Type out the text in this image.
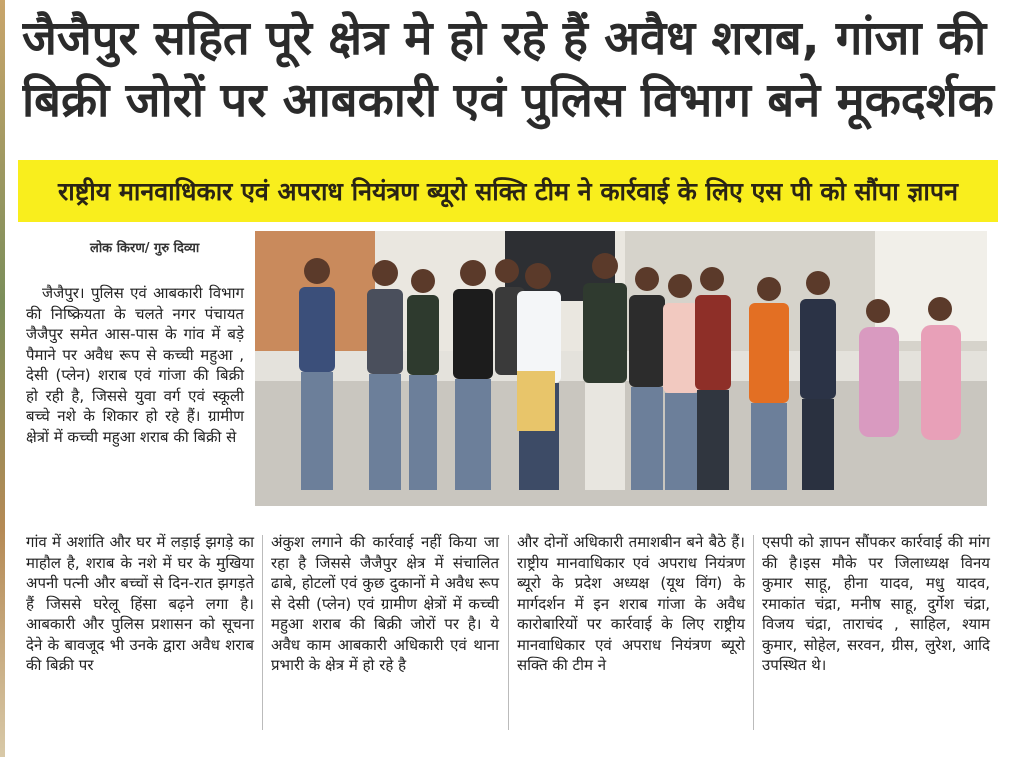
जैजैपुर सहित पूरे क्षेत्र मे हो रहे हैं अवैध शराब, गांजा की
बिक्री जोरों पर आबकारी एवं पुलिस विभाग बने मूकदर्शक
राष्ट्रीय मानवाधिकार एवं अपराध नियंत्रण ब्यूरो सक्ति टीम ने कार्रवाई के लिए एस पी को सौंपा ज्ञापन
लोक किरण/ गुरु दिव्या

जैजैपुर। पुलिस एवं आबकारी विभाग की निष्क्रियता के चलते नगर पंचायत जैजैपुर समेत आस-पास के गांव में बड़े पैमाने पर अवैध रूप से कच्ची महुआ , देसी (प्लेन) शराब एवं गांजा की बिक्री हो रही है, जिससे युवा वर्ग एवं स्कूली बच्चे नशे के शिकार हो रहे हैं। ग्रामीण क्षेत्रों में कच्ची महुआ शराब की बिक्री से

गांव में अशांति और घर में लड़ाई झगड़े का माहौल है, शराब के नशे में घर के मुखिया अपनी पत्नी और बच्चों से दिन-रात झगड़ते हैं जिससे घरेलू हिंसा बढ़ने लगा है। आबकारी और पुलिस प्रशासन को सूचना देने के बावजूद भी उनके द्वारा अवैध शराब की बिक्री पर
अंकुश लगाने की कार्रवाई नहीं किया जा रहा है जिससे जैजैपुर क्षेत्र में संचालित ढाबे, होटलों एवं कुछ दुकानों मे अवैध रूप से देसी (प्लेन) एवं ग्रामीण क्षेत्रों में कच्ची महुआ शराब की बिक्री जोरों पर है। ये अवैध काम आबकारी अधिकारी एवं थाना प्रभारी के क्षेत्र में हो रहे है
और दोनों अधिकारी तमाशबीन बने बैठे हैं। राष्ट्रीय मानवाधिकार एवं अपराध नियंत्रण ब्यूरो के प्रदेश अध्यक्ष (यूथ विंग) के मार्गदर्शन में इन शराब गांजा के अवैध कारोबारियों पर कार्रवाई के लिए राष्ट्रीय मानवाधिकार एवं अपराध नियंत्रण ब्यूरो सक्ति की टीम ने
एसपी को ज्ञापन सौंपकर कार्रवाई की मांग की है।इस मौके पर जिलाध्यक्ष विनय कुमार साहू, हीना यादव, मधु यादव, रमाकांत चंद्रा, मनीष साहू, दुर्गेश चंद्रा, विजय चंद्रा, ताराचंद , साहिल, श्याम कुमार, सोहेल, सरवन, ग्रीस, लुरेश, आदि उपस्थित थे।
